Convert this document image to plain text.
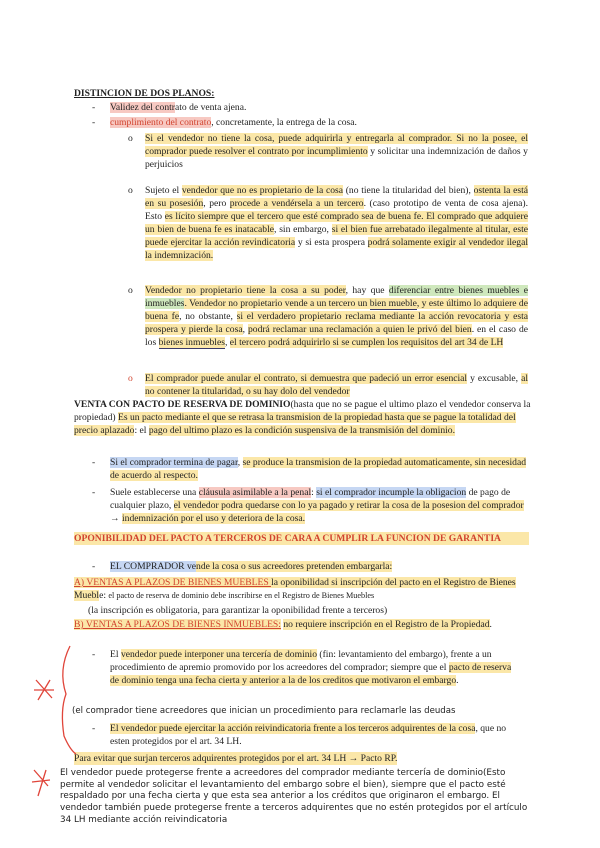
DISTINCION DE DOS PLANOS:
- Validez del contrato de venta ajena.
- cumplimiento del contrato, concretamente, la entrega de la cosa.
o	Si el vendedor no tiene la cosa, puede adquirirla y entregarla al comprador. Si no la posee, el comprador puede resolver el contrato por incumplimiento y solicitar una indemnización de daños y perjuicios

o	Sujeto el vendedor que no es propietario de la cosa (no tiene la titularidad del bien), ostenta la está en su posesión, pero procede a vendérsela a un tercero. (caso prototipo de venta de cosa ajena). Esto es lícito siempre que el tercero que esté comprado sea de buena fe. El comprado que adquiere un bien de buena fe es inatacable, sin embargo, si el bien fue arrebatado ilegalmente al titular, este puede ejercitar la acción revindicatoria y si esta prospera podrá solamente exigir al vendedor ilegal la indemnización.

o	Vendedor no propietario tiene la cosa a su poder, hay que diferenciar entre bienes muebles e inmuebles. Vendedor no propietario vende a un tercero un bien mueble, y este último lo adquiere de buena fe, no obstante, si el verdadero propietario reclama mediante la acción revocatoria y esta prospera y pierde la cosa, podrá reclamar una reclamación a quien le privó del bien. en el caso de los bienes inmuebles, el tercero podrá adquirirlo si se cumplen los requisitos del art 34 de LH

o	El comprador puede anular el contrato, si demuestra que padeció un error esencial y excusable, al no contener la titularidad, o su hay dolo del vendedor

VENTA CON PACTO DE RESERVA DE DOMINIO(hasta que no se pague el ultimo plazo el vendedor conserva la propiedad) Es un pacto mediante el que se retrasa la transmision de la propiedad hasta que se pague la totalidad del precio aplazado: el pago del ultimo plazo es la condición suspensiva de la transmisión del dominio.

- Si el comprador termina de pagar, se produce la transmision de la propiedad automaticamente, sin necesidad de acuerdo al respecto.

- Suele establecerse una cláusula asimilable a la penal: si el comprador incumple la obligacion de pago de cualquier plazo, el vendedor podra quedarse con lo ya pagado y retirar la cosa de la posesion del comprador → indemnización por el uso y deteriora de la cosa.

OPONIBILIDAD DEL PACTO A TERCEROS DE CARA A CUMPLIR LA FUNCION DE GARANTIA

- EL COMPRADOR vende la cosa o sus acreedores pretenden embargarla:

A) VENTAS A PLAZOS DE BIENES MUEBLES la oponibilidad si inscripción del pacto en el Registro de Bienes Mueble: el pacto de reserva de dominio debe inscribirse en el Registro de Bienes Muebles

(la inscripción es obligatoria, para garantizar la oponibilidad frente a terceros)

B) VENTAS A PLAZOS DE BIENES INMUEBLES: no requiere inscripción en el Registro de la Propiedad.

- El vendedor puede interponer una tercería de dominio (fin: levantamiento del embargo), frente a un procedimiento de apremio promovido por los acreedores del comprador; siempre que el pacto de reserva de dominio tenga una fecha cierta y anterior a la de los creditos que motivaron el embargo.

(el comprador tiene acreedores que inician un procedimiento para reclamarle las deudas

- El vendedor puede ejercitar la acción reivindicatoria frente a los terceros adquirentes de la cosa, que no esten protegidos por el art. 34 LH.

Para evitar que surjan terceros adquirentes protegidos por el art. 34 LH → Pacto RP.

El vendedor puede protegerse frente a acreedores del comprador mediante tercería de dominio(Esto permite al vendedor solicitar el levantamiento del embargo sobre el bien), siempre que el pacto esté respaldado por una fecha cierta y que esta sea anterior a los créditos que originaron el embargo. El vendedor también puede protegerse frente a terceros adquirentes que no estén protegidos por el artículo 34 LH mediante acción reivindicatoria
